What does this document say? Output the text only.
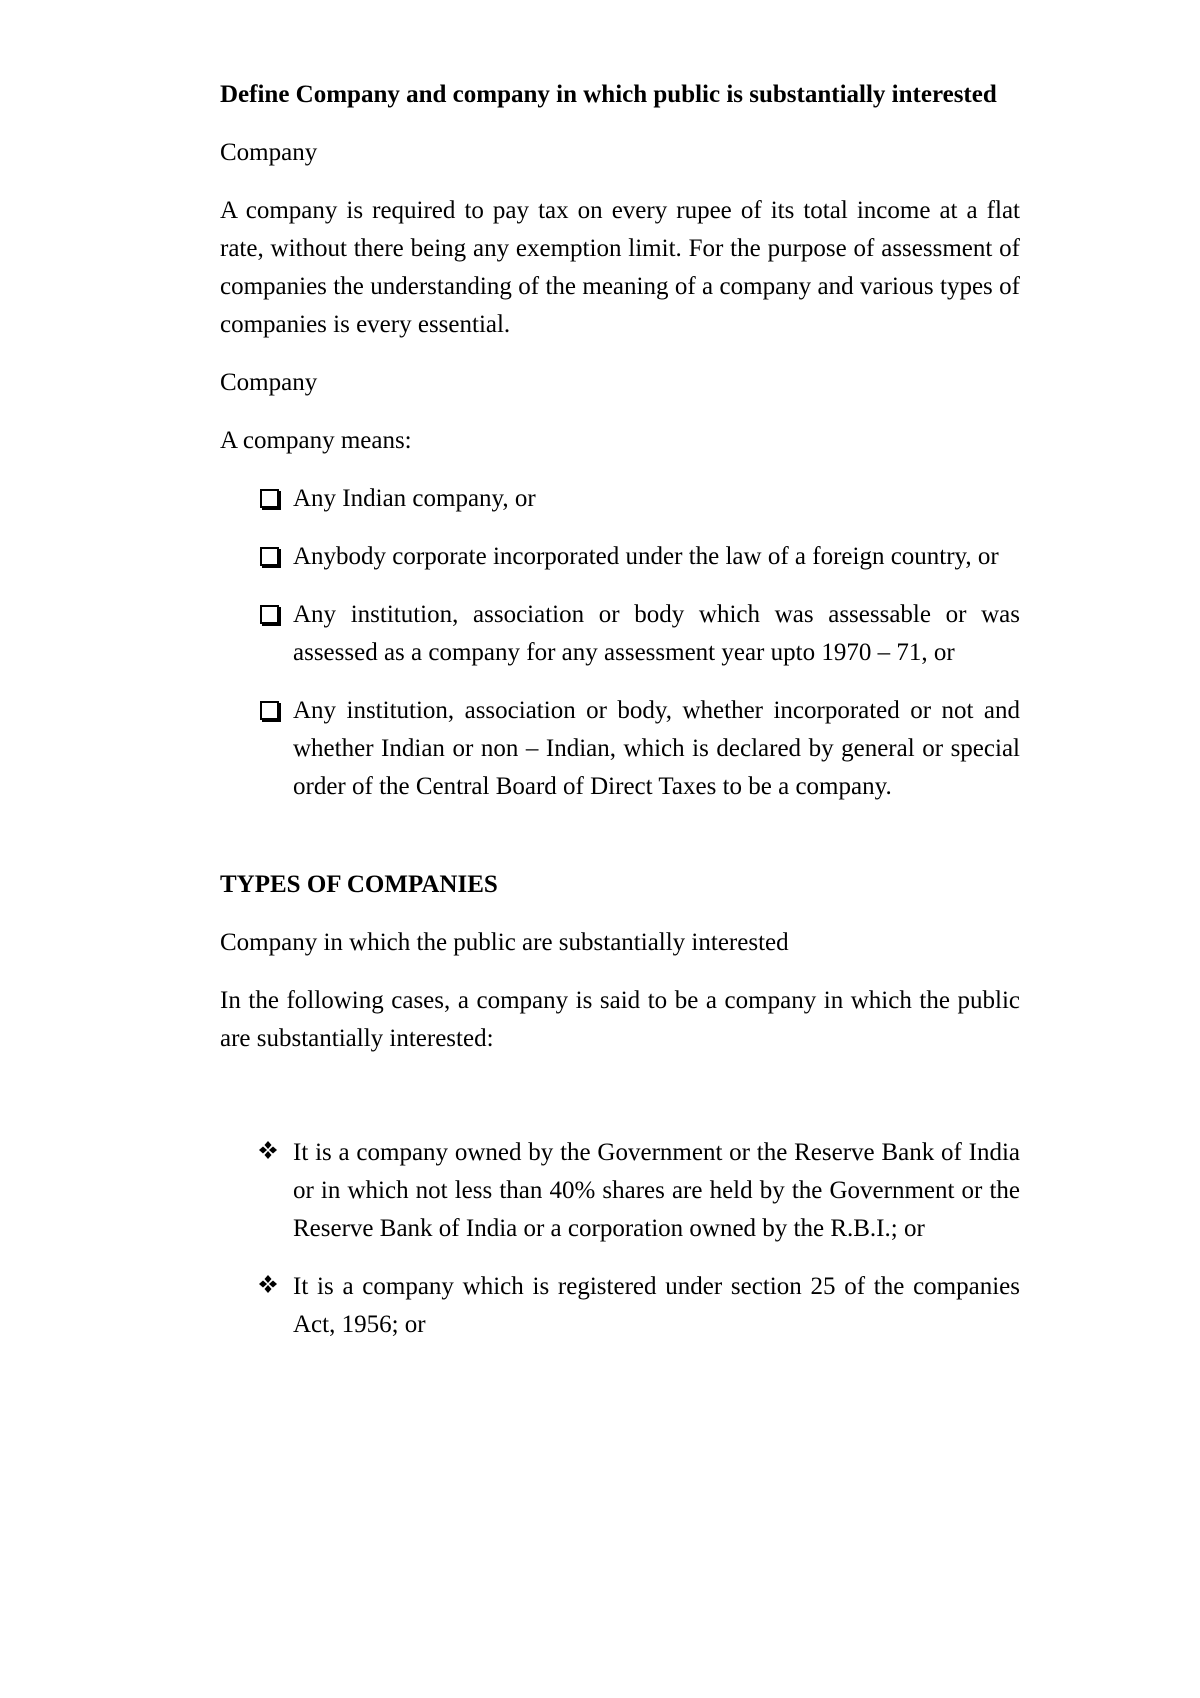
Define Company and company in which public is substantially interested

Company

A company is required to pay tax on every rupee of its total income at a flat rate, without there being any exemption limit. For the purpose of assessment of companies the understanding of the meaning of a company and various types of companies is every essential.

Company

A company means:

Any Indian company, or
Anybody corporate incorporated under the law of a foreign country, or
Any institution, association or body which was assessable or was assessed as a company for any assessment year upto 1970 – 71, or
Any institution, association or body, whether incorporated or not and whether Indian or non – Indian, which is declared by general or special order of the Central Board of Direct Taxes to be a company.

TYPES OF COMPANIES

Company in which the public are substantially interested

In the following cases, a company is said to be a company in which the public are substantially interested:

It is a company owned by the Government or the Reserve Bank of India or in which not less than 40% shares are held by the Government or the Reserve Bank of India or a corporation owned by the R.B.I.; or
It is a company which is registered under section 25 of the companies Act, 1956; or
